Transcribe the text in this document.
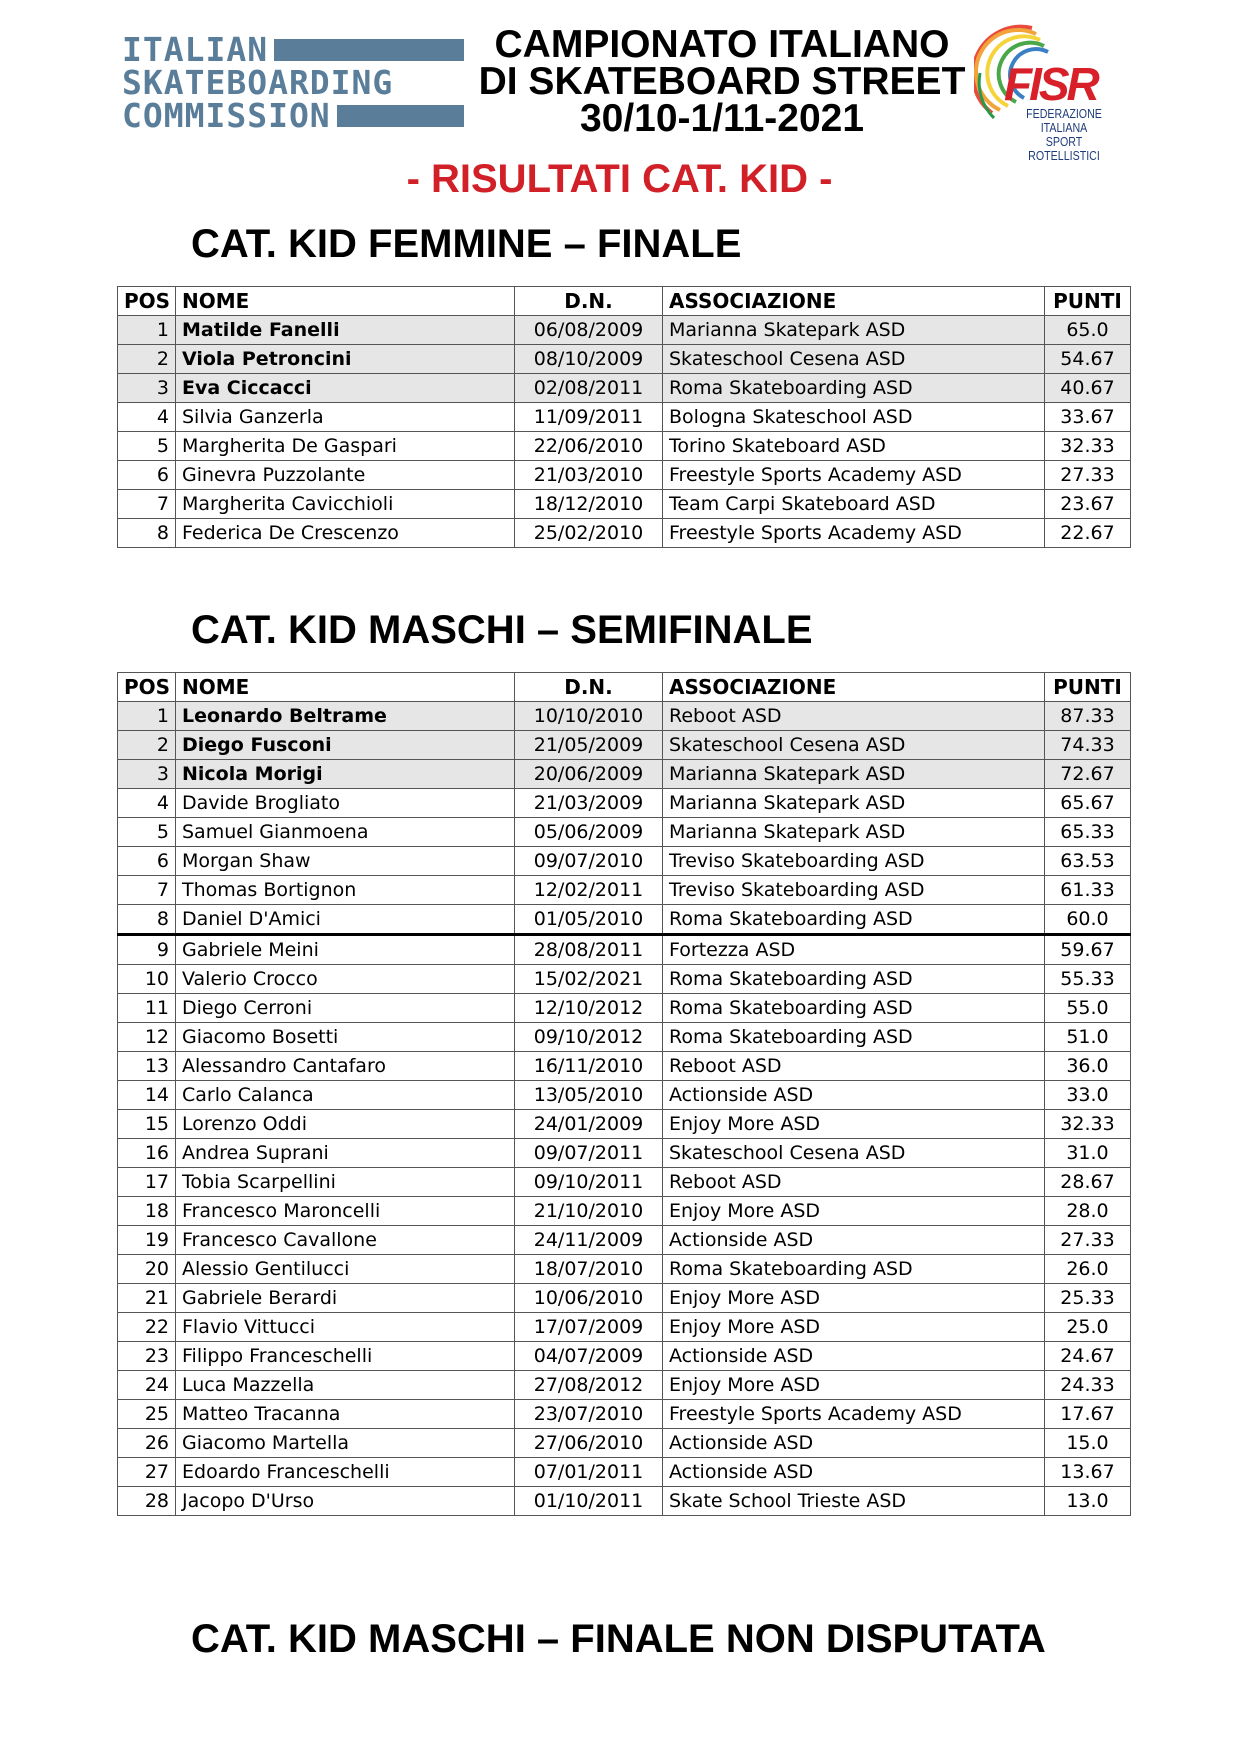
ITALIAN
SKATEBOARDING
COMMISSION
CAMPIONATO ITALIANO
DI SKATEBOARD STREET
30/10-1/11-2021
FISR
FEDERAZIONE ITALIANA
SPORT ROTELLISTICI
- RISULTATI CAT. KID -
CAT. KID FEMMINE – FINALE
POS	NOME	D.N.	ASSOCIAZIONE	PUNTI
1	Matilde Fanelli	06/08/2009	Marianna Skatepark ASD	65.0
2	Viola Petroncini	08/10/2009	Skateschool Cesena ASD	54.67
3	Eva Ciccacci	02/08/2011	Roma Skateboarding ASD	40.67
4	Silvia Ganzerla	11/09/2011	Bologna Skateschool ASD	33.67
5	Margherita De Gaspari	22/06/2010	Torino Skateboard ASD	32.33
6	Ginevra Puzzolante	21/03/2010	Freestyle Sports Academy ASD	27.33
7	Margherita Cavicchioli	18/12/2010	Team Carpi Skateboard ASD	23.67
8	Federica De Crescenzo	25/02/2010	Freestyle Sports Academy ASD	22.67
CAT. KID MASCHI – SEMIFINALE
POS	NOME	D.N.	ASSOCIAZIONE	PUNTI
1	Leonardo Beltrame	10/10/2010	Reboot ASD	87.33
2	Diego Fusconi	21/05/2009	Skateschool Cesena ASD	74.33
3	Nicola Morigi	20/06/2009	Marianna Skatepark ASD	72.67
4	Davide Brogliato	21/03/2009	Marianna Skatepark ASD	65.67
5	Samuel Gianmoena	05/06/2009	Marianna Skatepark ASD	65.33
6	Morgan Shaw	09/07/2010	Treviso Skateboarding ASD	63.53
7	Thomas Bortignon	12/02/2011	Treviso Skateboarding ASD	61.33
8	Daniel D'Amici	01/05/2010	Roma Skateboarding ASD	60.0
9	Gabriele Meini	28/08/2011	Fortezza ASD	59.67
10	Valerio Crocco	15/02/2021	Roma Skateboarding ASD	55.33
11	Diego Cerroni	12/10/2012	Roma Skateboarding ASD	55.0
12	Giacomo Bosetti	09/10/2012	Roma Skateboarding ASD	51.0
13	Alessandro Cantafaro	16/11/2010	Reboot ASD	36.0
14	Carlo Calanca	13/05/2010	Actionside ASD	33.0
15	Lorenzo Oddi	24/01/2009	Enjoy More ASD	32.33
16	Andrea Suprani	09/07/2011	Skateschool Cesena ASD	31.0
17	Tobia Scarpellini	09/10/2011	Reboot ASD	28.67
18	Francesco Maroncelli	21/10/2010	Enjoy More ASD	28.0
19	Francesco Cavallone	24/11/2009	Actionside ASD	27.33
20	Alessio Gentilucci	18/07/2010	Roma Skateboarding ASD	26.0
21	Gabriele Berardi	10/06/2010	Enjoy More ASD	25.33
22	Flavio Vittucci	17/07/2009	Enjoy More ASD	25.0
23	Filippo Franceschelli	04/07/2009	Actionside ASD	24.67
24	Luca Mazzella	27/08/2012	Enjoy More ASD	24.33
25	Matteo Tracanna	23/07/2010	Freestyle Sports Academy ASD	17.67
26	Giacomo Martella	27/06/2010	Actionside ASD	15.0
27	Edoardo Franceschelli	07/01/2011	Actionside ASD	13.67
28	Jacopo D'Urso	01/10/2011	Skate School Trieste ASD	13.0
CAT. KID MASCHI – FINALE NON DISPUTATA
